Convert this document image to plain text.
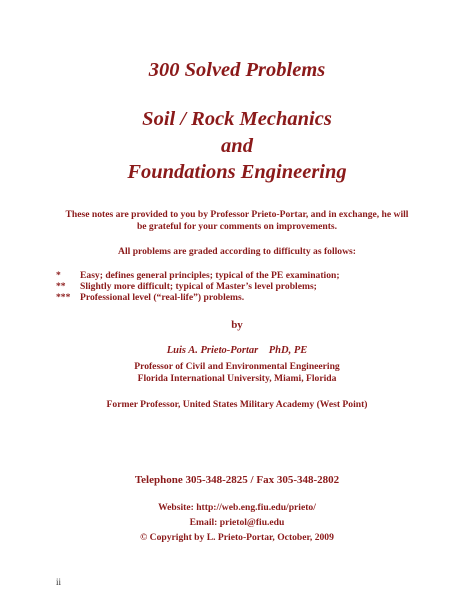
300 Solved Problems
Soil / Rock Mechanics
and
Foundations Engineering
These notes are provided to you by Professor Prieto-Portar, and in exchange, he will
be grateful for your comments on improvements.
All problems are graded according to difficulty as follows:
* Easy; defines general principles; typical of the PE examination;
** Slightly more difficult; typical of Master’s level problems;
*** Professional level (“real-life”) problems.
by
Luis A. Prieto-Portar    PhD, PE
Professor of Civil and Environmental Engineering
Florida International University, Miami, Florida
Former Professor, United States Military Academy (West Point)
Telephone 305-348-2825 / Fax 305-348-2802
Website: http://web.eng.fiu.edu/prieto/
Email: prietol@fiu.edu
© Copyright by L. Prieto-Portar, October, 2009
ii
